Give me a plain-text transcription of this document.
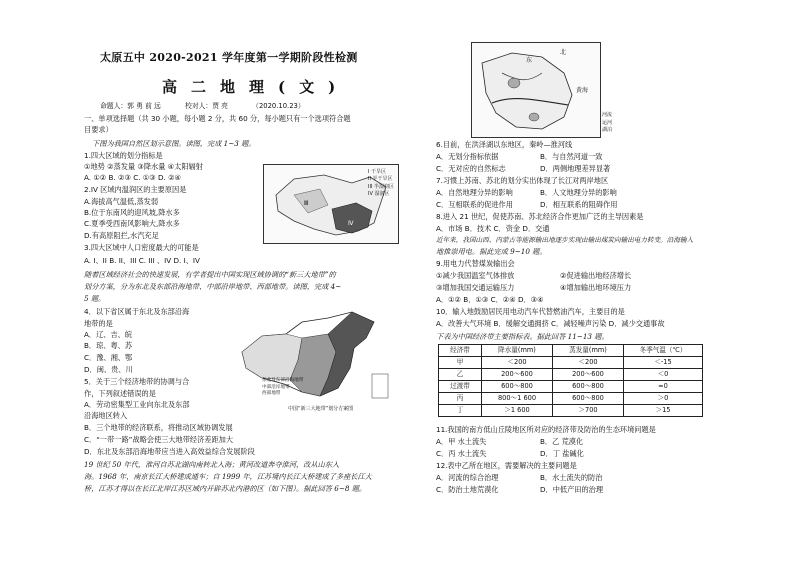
太原五中 2020-2021 学年度第一学期阶段性检测
高二地理(文)
命题人：郭 勇 前 远	校对人：贾 亮	（2020.10.23）
一、单项选择题（共 30 小题，每小题 2 分，共 60 分，每小题只有一个选项符合题
目要求）
下图为我国自然区划示意图。读图，完成 1~3 题。
1.四大区域的划分指标是
①地势 ②蒸发量 ③降水量 ④太阳辐射
A. ①② B. ②③ C. ①③ D. ②④
2.IV 区域内温润区的主要原因是
A.海拔高气温低,蒸发弱
B.位于东南风的迎风坡,降水多
C.夏季受西南风影响大,降水多
D.有高原阻拦,水汽充足
3.四大区域中人口密度最大的可能是
A. I、II B. II、III C. III 、IV D. I、IV
Ⅲ
Ⅳ
I 干旱区
II 半干旱区
III 半湿润区
IV 湿润区
随着区域经济社会的快速发展，有学者提出中国实现区域协调的“新三大地带”的
划分方案，分为东北及东部沿海地带、中部沿岸地带、西部地带。读图，完成 4~
5 题。
4．以下省区属于东北及东部沿海
地带的是
A．辽、吉、皖
B．琼、粤、苏
C．豫、湘、鄂
D．闽、贵、川
5．关于三个经济地带的协调与合
作，下列叙述错误的是
A．劳动密集型工业向东北及东部
沿海地区转入
B．三个地带的经济联系，将推动区域协调发展
C．“一带一路”战略会使三大地带经济差距加大
D．东北及东部沿海地带应当进入高效益综合发展阶段
东北及东部沿海地带
中部沿岸地带
西部地带
中国“新三大地带”划分方案图
19 世纪 50 年代，淮河自苏北湖向南转北入海；黄河改道奔夺淮河，改从山东入
海。1968 年，南京长江大桥建成通车；自 1999 年，江苏境内长江大桥建成了多座长江大
桥，江苏才得以在长江北岸江苏区域内开辟苏北内港的区（如下图）。据此回答 6~8 题。
东
北
黄海
河流
运河
湖泊
6.目前，在洪泽湖以东地区，秦岭—淮河线
A．无划分指标依据	B．与自然河道一致
C．无对应的自然标志	D．两侧地理差异显著
7.习惯上苏南、苏北的划分实出体现了长江对两岸地区
A．自然地理分异的影响	B．人文地理分异的影响
C．互相联系的促进作用	D．相互联系的阻碍作用
8.进入 21 世纪，促使苏南、苏北经济合作更加广泛的主导因素是
A．市场 B．技术 C．资金 D．交通
近年来，我国山西、内蒙古等能源输出地逐步实现由输出煤炭向输出电力转变。沿海输入
地推崇用电。据此完成 9~10 题。
9.用电力代替煤炭输出会
①减少我国温室气体排放	②促进输出地经济增长
③增加我国交通运输压力	④增加输出地环境压力
A．①② B．①③ C．②④ D．③④
10．输入地鼓励居民用电动汽车代替燃油汽车，主要目的是
A．改善大气环境 B．缓解交通拥挤 C．减轻噪声污染 D．减少交通事故
下表为中国经济带主要指标表。据此回答 11~13 题。
经济带	降水量(mm)	蒸发量(mm)	冬季气温（℃）
甲	＜200	＜200	＜-15
乙	200～600	200～600	＜0
过渡带	600～800	600～800	≈0
丙	800～1 600	600～800	＞0
丁	＞1 600	＞700	＞15
11.我国的南方低山丘陵地区所对应的经济带及防治的生态环境问题是
A．甲 水土流失	B．乙 荒漠化
C．丙 水土流失	D．丁 盐碱化
12.表中乙所在地区，需要解决的主要问题是
A．河流的综合治理	B．水土流失的防治
C．防治土地荒漠化	D．中低产田的治理
